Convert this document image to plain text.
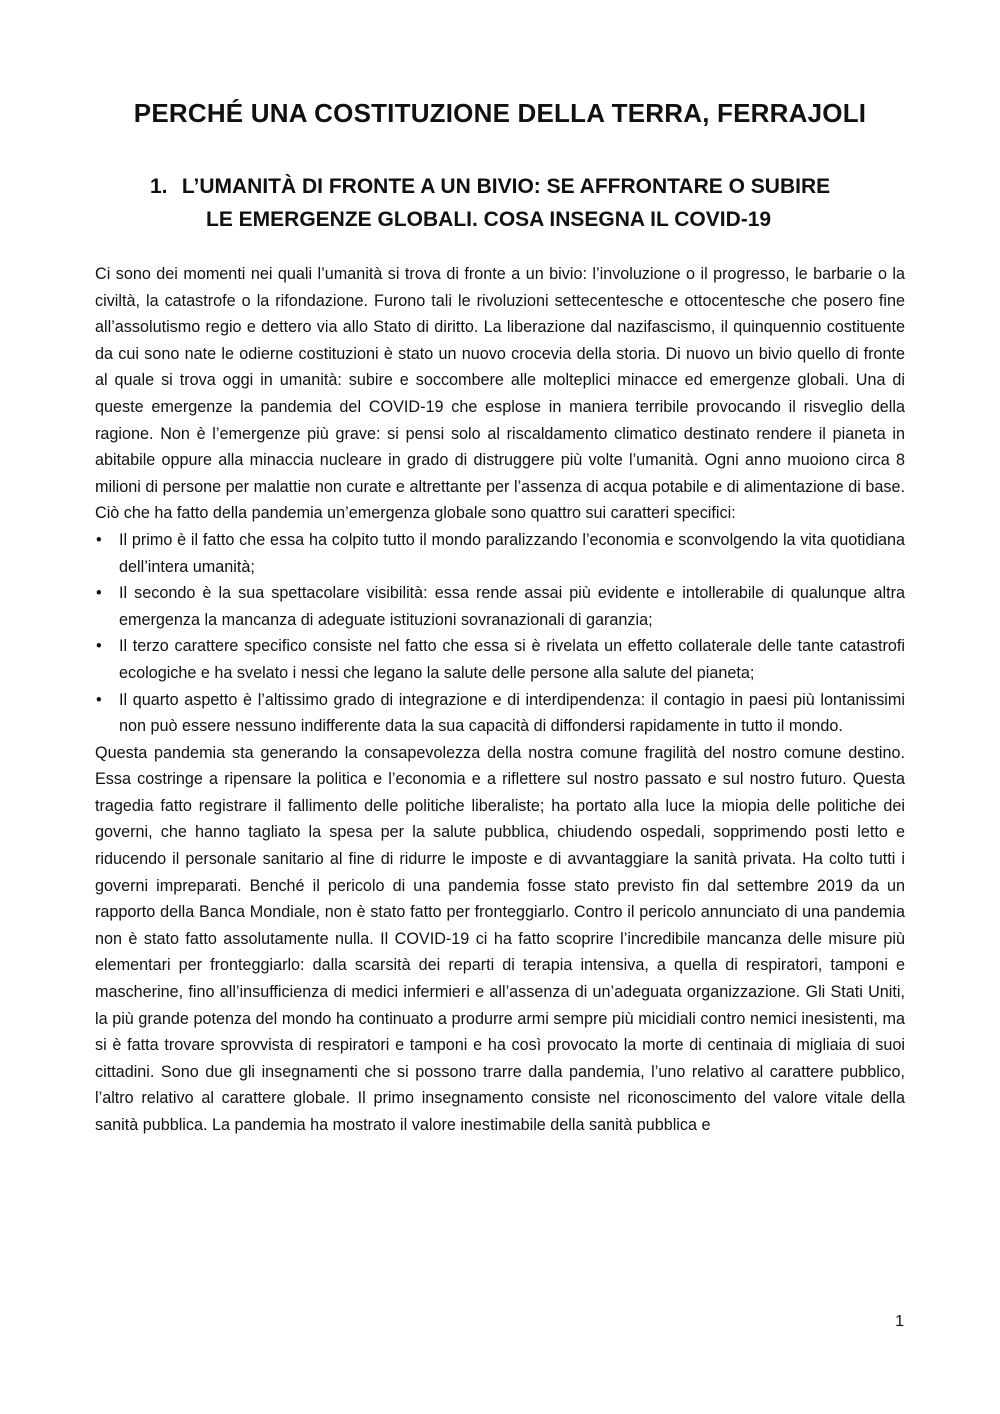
PERCHÉ UNA COSTITUZIONE DELLA TERRA, FERRAJOLI
1. L’UMANITÀ DI FRONTE A UN BIVIO: SE AFFRONTARE O SUBIRE
LE EMERGENZE GLOBALI. COSA INSEGNA IL COVID-19

Ci sono dei momenti nei quali l’umanità si trova di fronte a un bivio: l’involuzione o il progresso, le barbarie o la civiltà, la catastrofe o la rifondazione. Furono tali le rivoluzioni settecentesche e ottocentesche che posero fine all’assolutismo regio e dettero via allo Stato di diritto. La liberazione dal nazifascismo, il quinquennio costituente da cui sono nate le odierne costituzioni è stato un nuovo crocevia della storia. Di nuovo un bivio quello di fronte al quale si trova oggi in umanità: subire e soccombere alle molteplici minacce ed emergenze globali. Una di queste emergenze la pandemia del COVID-19 che esplose in maniera terribile provocando il risveglio della ragione. Non è l’emergenze più grave: si pensi solo al riscaldamento climatico destinato rendere il pianeta in abitabile oppure alla minaccia nucleare in grado di distruggere più volte l’umanità. Ogni anno muoiono circa 8 milioni di persone per malattie non curate e altrettante per l’assenza di acqua potabile e di alimentazione di base. Ciò che ha fatto della pandemia un’emergenza globale sono quattro sui caratteri specifici:

• Il primo è il fatto che essa ha colpito tutto il mondo paralizzando l’economia e sconvolgendo la vita quotidiana dell’intera umanità;
• Il secondo è la sua spettacolare visibilità: essa rende assai più evidente e intollerabile di qualunque altra emergenza la mancanza di adeguate istituzioni sovranazionali di garanzia;
• Il terzo carattere specifico consiste nel fatto che essa si è rivelata un effetto collaterale delle tante catastrofi ecologiche e ha svelato i nessi che legano la salute delle persone alla salute del pianeta;
• Il quarto aspetto è l’altissimo grado di integrazione e di interdipendenza: il contagio in paesi più lontanissimi non può essere nessuno indifferente data la sua capacità di diffondersi rapidamente in tutto il mondo.

Questa pandemia sta generando la consapevolezza della nostra comune fragilità del nostro comune destino. Essa costringe a ripensare la politica e l’economia e a riflettere sul nostro passato e sul nostro futuro. Questa tragedia fatto registrare il fallimento delle politiche liberaliste; ha portato alla luce la miopia delle politiche dei governi, che hanno tagliato la spesa per la salute pubblica, chiudendo ospedali, sopprimendo posti letto e riducendo il personale sanitario al fine di ridurre le imposte e di avvantaggiare la sanità privata. Ha colto tutti i governi impreparati. Benché il pericolo di una pandemia fosse stato previsto fin dal settembre 2019 da un rapporto della Banca Mondiale, non è stato fatto per fronteggiarlo. Contro il pericolo annunciato di una pandemia non è stato fatto assolutamente nulla. Il COVID-19 ci ha fatto scoprire l’incredibile mancanza delle misure più elementari per fronteggiarlo: dalla scarsità dei reparti di terapia intensiva, a quella di respiratori, tamponi e mascherine, fino all’insufficienza di medici infermieri e all’assenza di un’adeguata organizzazione. Gli Stati Uniti, la più grande potenza del mondo ha continuato a produrre armi sempre più micidiali contro nemici inesistenti, ma si è fatta trovare sprovvista di respiratori e tamponi e ha così provocato la morte di centinaia di migliaia di suoi cittadini. Sono due gli insegnamenti che si possono trarre dalla pandemia, l’uno relativo al carattere pubblico, l’altro relativo al carattere globale. Il primo insegnamento consiste nel riconoscimento del valore vitale della sanità pubblica. La pandemia ha mostrato il valore inestimabile della sanità pubblica e

1
